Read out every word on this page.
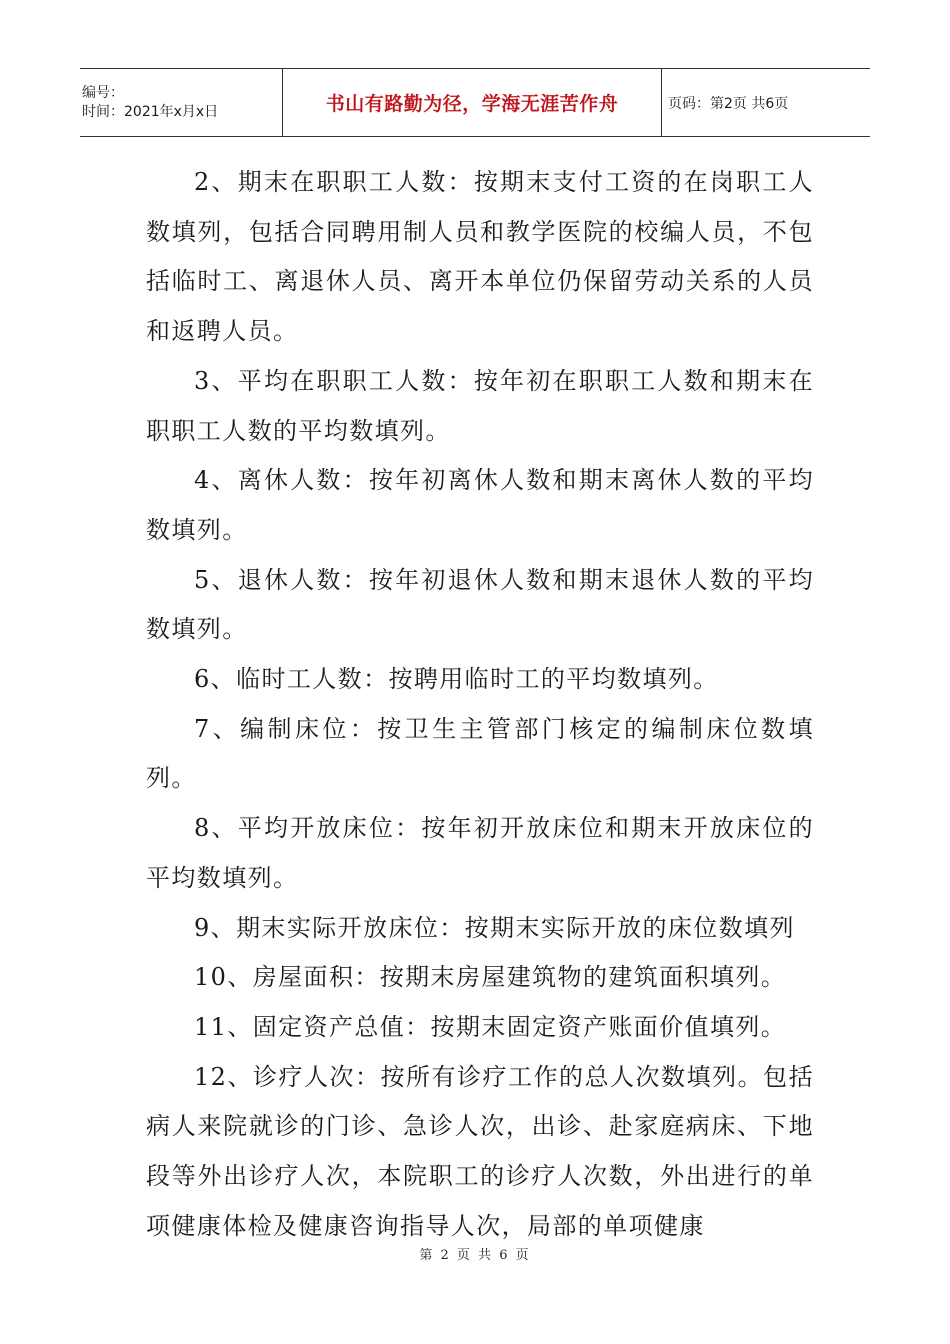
编号：
时间：2021年x月x日	书山有路勤为径，学海无涯苦作舟	页码：第2页 共6页

2、期末在职职工人数：按期末支付工资的在岗职工人数填列，包括合同聘用制人员和教学医院的校编人员，不包括临时工、离退休人员、离开本单位仍保留劳动关系的人员和返聘人员。

3、平均在职职工人数：按年初在职职工人数和期末在职职工人数的平均数填列。

4、离休人数：按年初离休人数和期末离休人数的平均数填列。

5、退休人数：按年初退休人数和期末退休人数的平均数填列。

6、临时工人数：按聘用临时工的平均数填列。

7、编制床位：按卫生主管部门核定的编制床位数填列。

8、平均开放床位：按年初开放床位和期末开放床位的平均数填列。

9、期末实际开放床位：按期末实际开放的床位数填列

10、房屋面积：按期末房屋建筑物的建筑面积填列。

11、固定资产总值：按期末固定资产账面价值填列。

12、诊疗人次：按所有诊疗工作的总人次数填列。包括病人来院就诊的门诊、急诊人次，出诊、赴家庭病床、下地段等外出诊疗人次，本院职工的诊疗人次数，外出进行的单项健康体检及健康咨询指导人次，局部的单项健康

第 2 页 共 6 页
